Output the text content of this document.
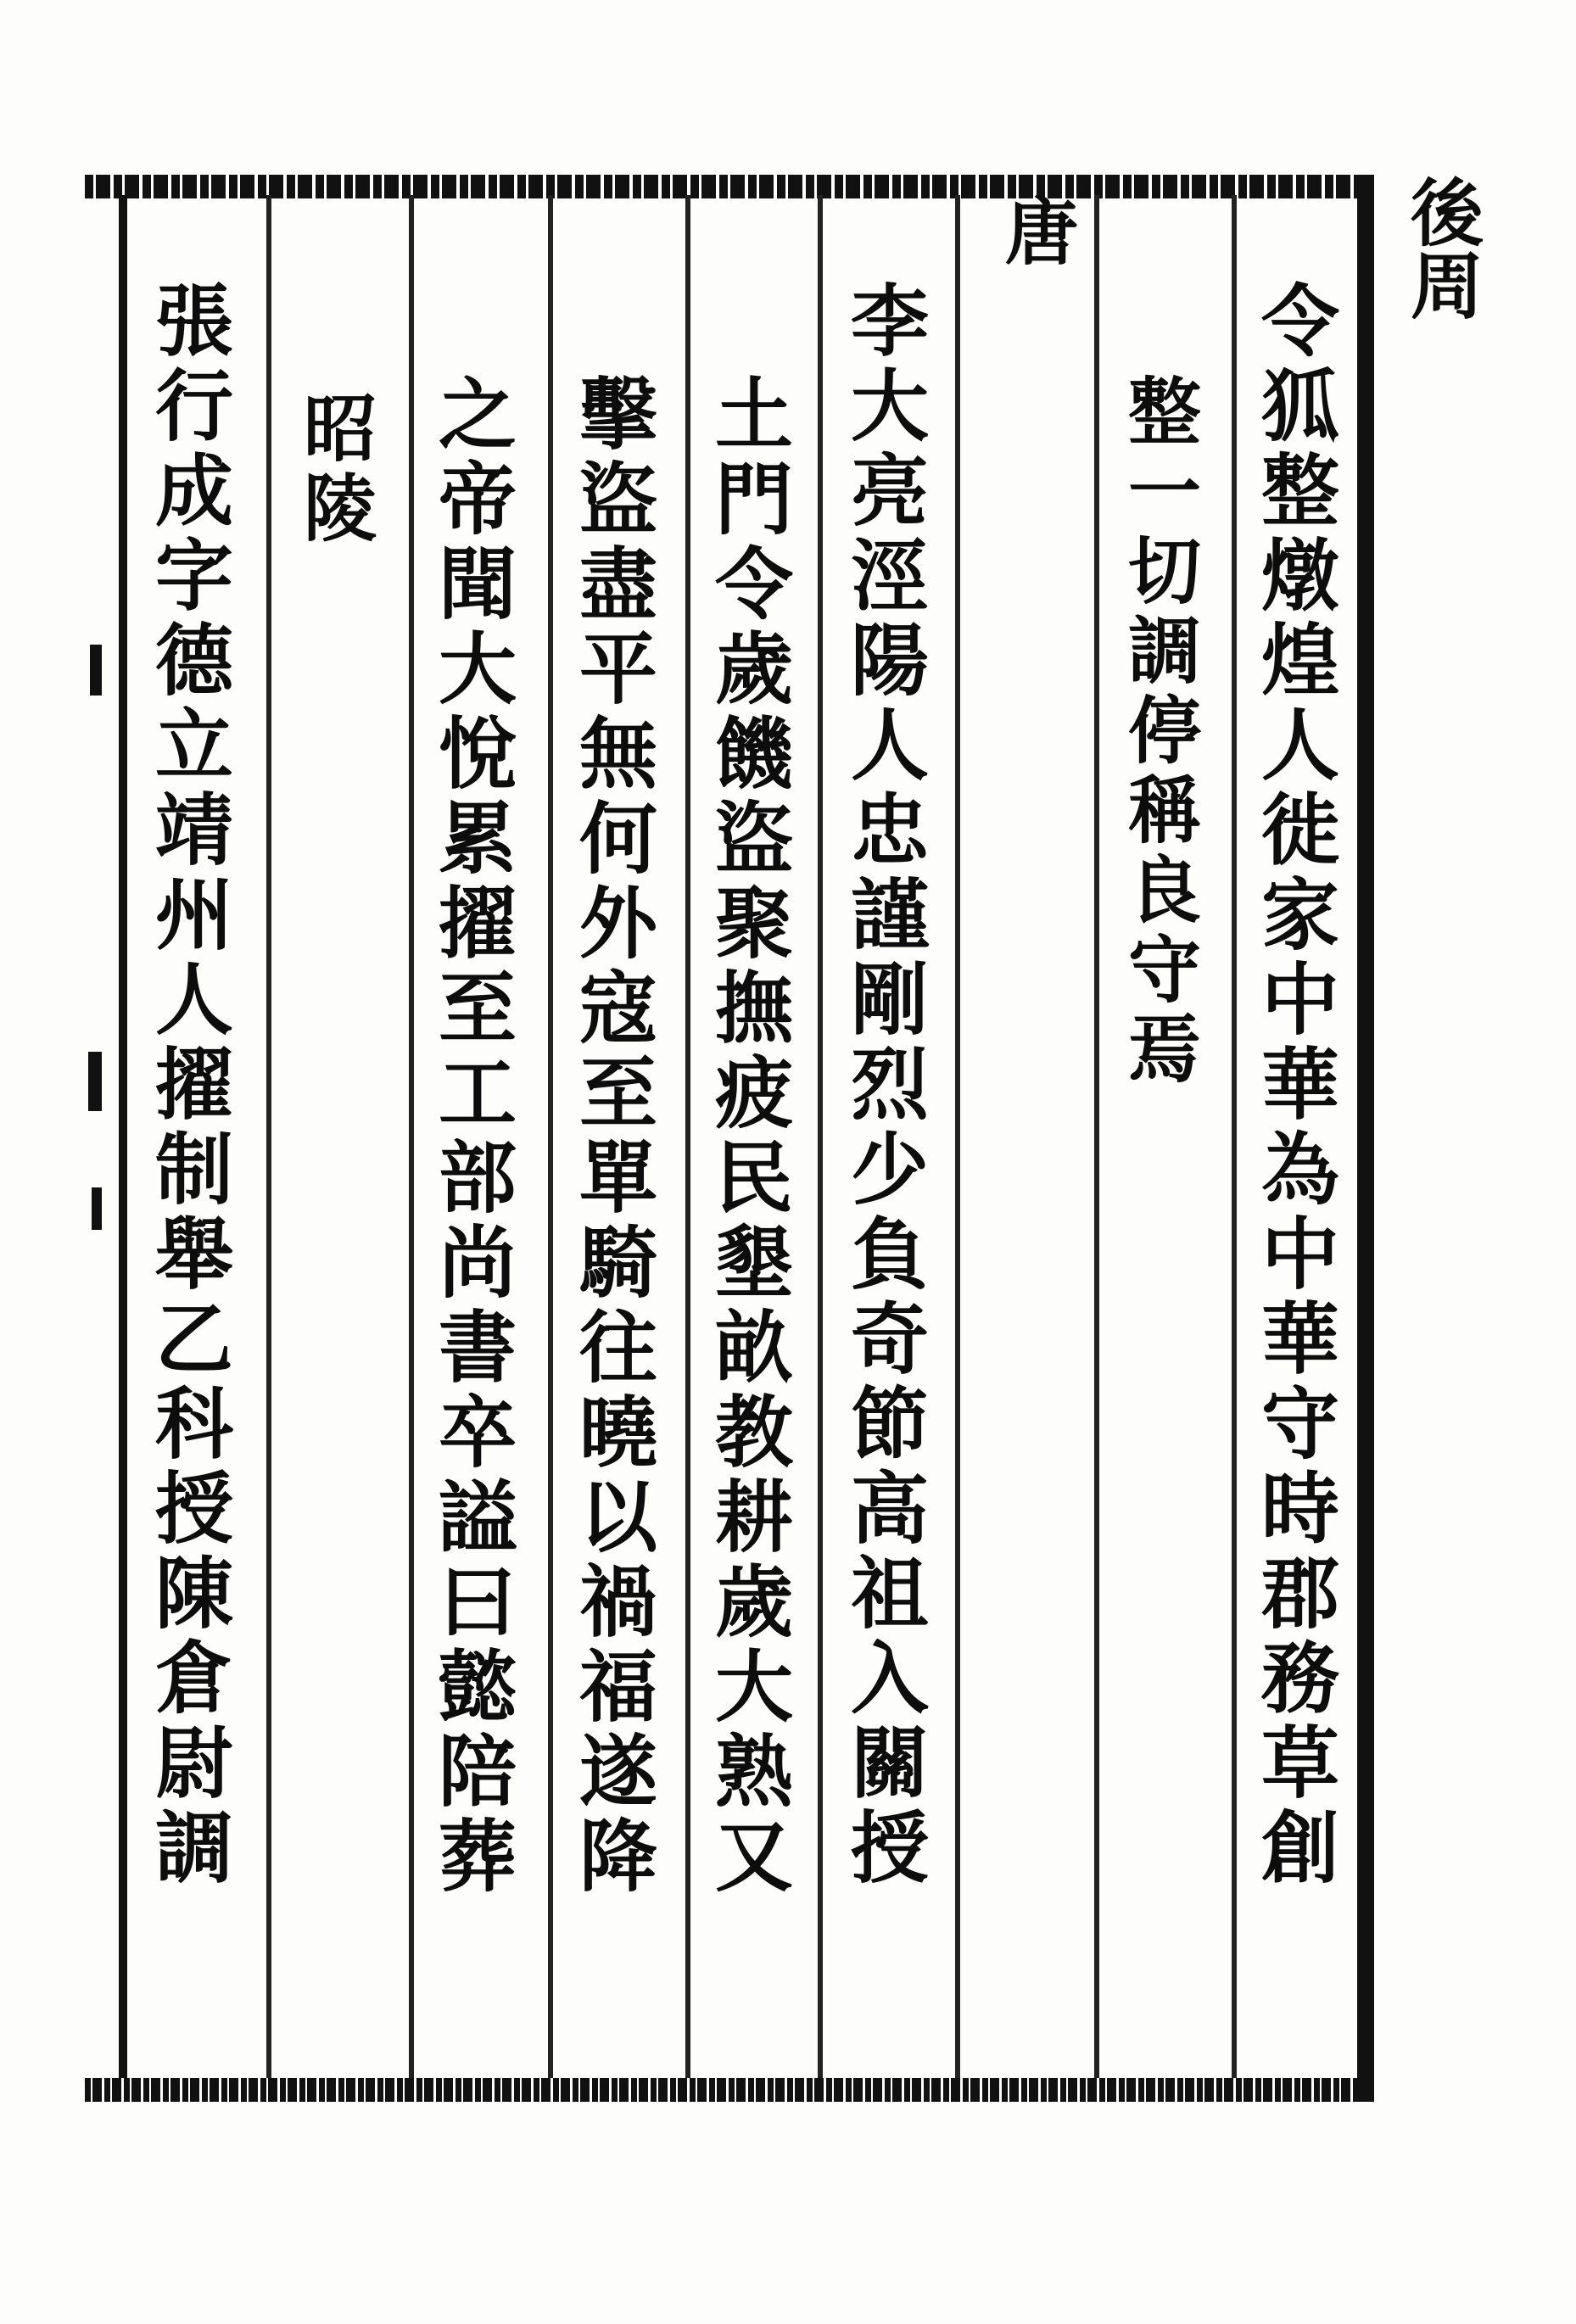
後周
令狐整燉煌人徙家中華為中華守時郡務草創
整一切調停稱良守焉
唐
李大亮涇陽人忠謹剛烈少負奇節高祖入關授
土門令歲饑盜聚撫疲民墾畝教耕歲大熟又
擊盜盡平無何外寇至單騎往曉以禍福遂降
之帝聞大悅累擢至工部尚書卒謚曰懿陪葬
昭陵
張行成字德立靖州人擢制舉乙科授陳倉尉調
